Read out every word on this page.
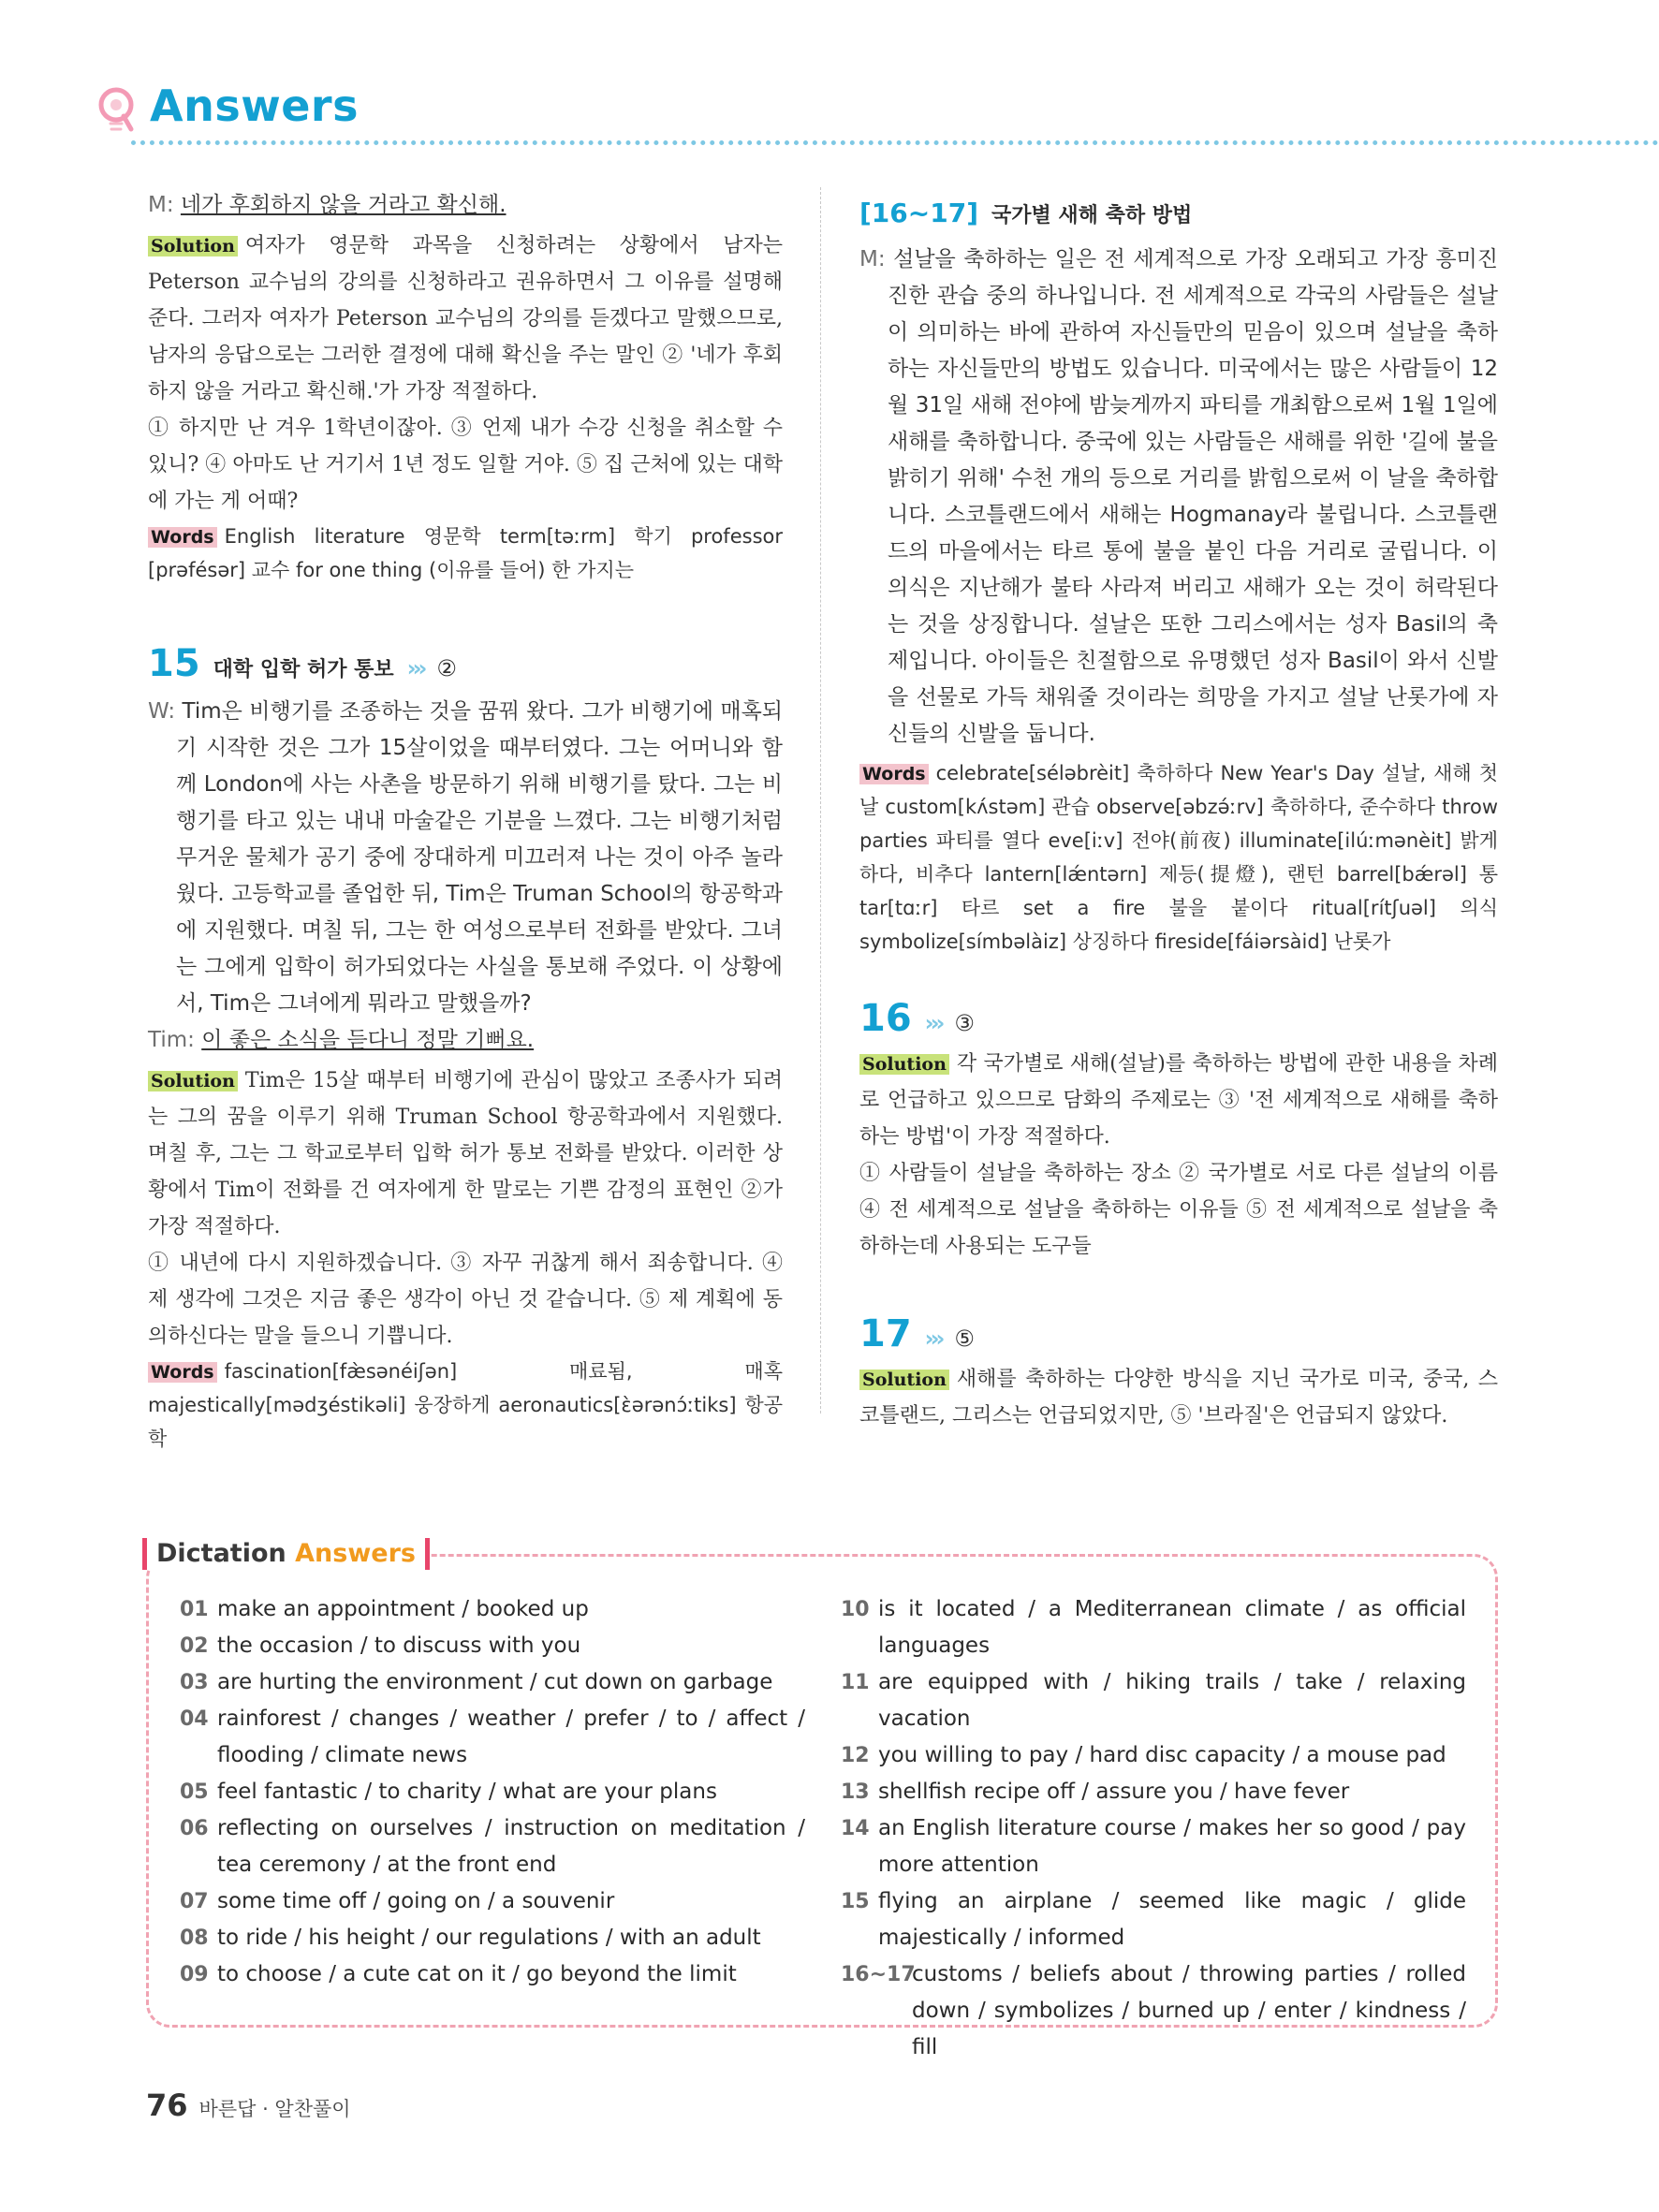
Answers

M: 네가 후회하지 않을 거라고 확신해.

Solution 여자가 영문학 과목을 신청하려는 상황에서 남자는 Peterson 교수님의 강의를 신청하라고 권유하면서 그 이유를 설명해 준다. 그러자 여자가 Peterson 교수님의 강의를 듣겠다고 말했으므로, 남자의 응답으로는 그러한 결정에 대해 확신을 주는 말인 ② '네가 후회하지 않을 거라고 확신해.'가 가장 적절하다.

① 하지만 난 겨우 1학년이잖아. ③ 언제 내가 수강 신청을 취소할 수 있니? ④ 아마도 난 거기서 1년 정도 일할 거야. ⑤ 집 근처에 있는 대학에 가는 게 어때?

Words English literature 영문학 term[təːrm] 학기 professor [prəfésər] 교수 for one thing (이유를 들어) 한 가지는

15 대학 입학 허가 통보 ››› ②

W: Tim은 비행기를 조종하는 것을 꿈꿔 왔다. 그가 비행기에 매혹되기 시작한 것은 그가 15살이었을 때부터였다. 그는 어머니와 함께 London에 사는 사촌을 방문하기 위해 비행기를 탔다. 그는 비행기를 타고 있는 내내 마술같은 기분을 느꼈다. 그는 비행기처럼 무거운 물체가 공기 중에 장대하게 미끄러져 나는 것이 아주 놀라웠다. 고등학교를 졸업한 뒤, Tim은 Truman School의 항공학과에 지원했다. 며칠 뒤, 그는 한 여성으로부터 전화를 받았다. 그녀는 그에게 입학이 허가되었다는 사실을 통보해 주었다. 이 상황에서, Tim은 그녀에게 뭐라고 말했을까?

Tim: 이 좋은 소식을 듣다니 정말 기뻐요.

Solution Tim은 15살 때부터 비행기에 관심이 많았고 조종사가 되려는 그의 꿈을 이루기 위해 Truman School 항공학과에서 지원했다. 며칠 후, 그는 그 학교로부터 입학 허가 통보 전화를 받았다. 이러한 상황에서 Tim이 전화를 건 여자에게 한 말로는 기쁜 감정의 표현인 ②가 가장 적절하다.

① 내년에 다시 지원하겠습니다. ③ 자꾸 귀찮게 해서 죄송합니다. ④ 제 생각에 그것은 지금 좋은 생각이 아닌 것 같습니다. ⑤ 제 계획에 동의하신다는 말을 들으니 기쁩니다.

Words fascination[fæ̀sənéiʃən] 매료됨, 매혹 majestically[mədʒéstikəli] 웅장하게 aeronautics[ὲərənɔ́ːtiks] 항공학

[16~17] 국가별 새해 축하 방법

M: 설날을 축하하는 일은 전 세계적으로 가장 오래되고 가장 흥미진진한 관습 중의 하나입니다. 전 세계적으로 각국의 사람들은 설날이 의미하는 바에 관하여 자신들만의 믿음이 있으며 설날을 축하하는 자신들만의 방법도 있습니다. 미국에서는 많은 사람들이 12월 31일 새해 전야에 밤늦게까지 파티를 개최함으로써 1월 1일에 새해를 축하합니다. 중국에 있는 사람들은 새해를 위한 '길에 불을 밝히기 위해' 수천 개의 등으로 거리를 밝힘으로써 이 날을 축하합니다. 스코틀랜드에서 새해는 Hogmanay라 불립니다. 스코틀랜드의 마을에서는 타르 통에 불을 붙인 다음 거리로 굴립니다. 이 의식은 지난해가 불타 사라져 버리고 새해가 오는 것이 허락된다는 것을 상징합니다. 설날은 또한 그리스에서는 성자 Basil의 축제입니다. 아이들은 친절함으로 유명했던 성자 Basil이 와서 신발을 선물로 가득 채워줄 것이라는 희망을 가지고 설날 난롯가에 자신들의 신발을 둡니다.

Words celebrate[séləbrèit] 축하하다 New Year's Day 설날, 새해 첫날 custom[kʌ́stəm] 관습 observe[əbzə́ːrv] 축하하다, 준수하다 throw parties 파티를 열다 eve[iːv] 전야(前夜) illuminate[ilúːmənèit] 밝게 하다, 비추다 lantern[lǽntərn] 제등(提燈), 랜턴 barrel[bǽrəl] 통 tar[tɑːr] 타르 set a fire 불을 붙이다 ritual[rítʃuəl] 의식 symbolize[símbəlàiz] 상징하다 fireside[fáiərsàid] 난롯가

16 ››› ③

Solution 각 국가별로 새해(설날)를 축하하는 방법에 관한 내용을 차례로 언급하고 있으므로 담화의 주제로는 ③ '전 세계적으로 새해를 축하하는 방법'이 가장 적절하다.

① 사람들이 설날을 축하하는 장소 ② 국가별로 서로 다른 설날의 이름 ④ 전 세계적으로 설날을 축하하는 이유들 ⑤ 전 세계적으로 설날을 축하하는데 사용되는 도구들

17 ››› ⑤

Solution 새해를 축하하는 다양한 방식을 지닌 국가로 미국, 중국, 스코틀랜드, 그리스는 언급되었지만, ⑤ '브라질'은 언급되지 않았다.

Dictation Answers
01 make an appointment / booked up
02 the occasion / to discuss with you
03 are hurting the environment / cut down on garbage
04 rainforest / changes / weather / prefer / to / affect / flooding / climate news
05 feel fantastic / to charity / what are your plans
06 reflecting on ourselves / instruction on meditation / tea ceremony / at the front end
07 some time off / going on / a souvenir
08 to ride / his height / our regulations / with an adult
09 to choose / a cute cat on it / go beyond the limit
10 is it located / a Mediterranean climate / as official languages
11 are equipped with / hiking trails / take / relaxing vacation
12 you willing to pay / hard disc capacity / a mouse pad
13 shellfish recipe off / assure you / have fever
14 an English literature course / makes her so good / pay more attention
15 flying an airplane / seemed like magic / glide majestically / informed
16~17
customs / beliefs about / throwing parties / rolled down / symbolizes / burned up / enter / kindness / fill
76 바른답 · 알찬풀이
